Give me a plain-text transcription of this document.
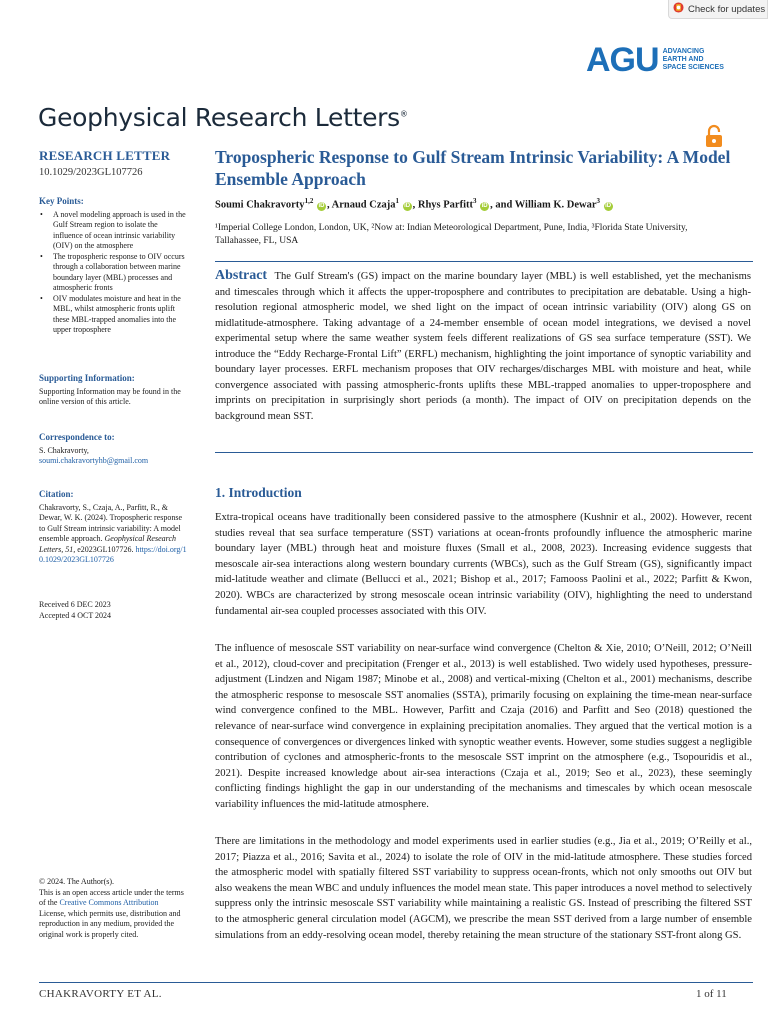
Check for updates
AGU ADVANCING
EARTH AND
SPACE SCIENCES
Geophysical Research Letters®
RESEARCH LETTER
10.1029/2023GL107726
Key Points:
• A novel modeling approach is used in the Gulf Stream region to isolate the influence of ocean intrinsic variability (OIV) on the atmosphere
• The tropospheric response to OIV occurs through a collaboration between marine boundary layer (MBL) processes and atmospheric fronts
• OIV modulates moisture and heat in the MBL, whilst atmospheric fronts uplift these MBL-trapped anomalies into the upper troposphere
Supporting Information:
Supporting Information may be found in the online version of this article.
Correspondence to:
S. Chakravorty,
soumi.chakravortyhb@gmail.com
Citation:
Chakravorty, S., Czaja, A., Parfitt, R., & Dewar, W. K. (2024). Tropospheric response to Gulf Stream intrinsic variability: A model ensemble approach. Geophysical Research Letters, 51, e2023GL107726. https://doi.org/10.1029/2023GL107726
Received 6 DEC 2023
Accepted 4 OCT 2024
© 2024. The Author(s).
This is an open access article under the terms of the Creative Commons Attribution License, which permits use, distribution and reproduction in any medium, provided the original work is properly cited.
Tropospheric Response to Gulf Stream Intrinsic Variability: A Model Ensemble Approach
Soumi Chakravorty$^{1,2}$ iD , Arnaud Czaja$^1$ iD , Rhys Parfitt$^3$ iD , and William K. Dewar$^3$ iD
¹Imperial College London, London, UK, ²Now at: Indian Meteorological Department, Pune, India, ³Florida State University, Tallahassee, FL, USA
Abstract The Gulf Stream's (GS) impact on the marine boundary layer (MBL) is well established, yet the mechanisms and timescales through which it affects the upper-troposphere and contributes to precipitation are debatable. Using a high-resolution regional atmospheric model, we shed light on the impact of ocean intrinsic variability (OIV) along GS on midlatitude-atmosphere. Taking advantage of a 24-member ensemble of ocean model integrations, we devised a novel experimental setup where the same weather system feels different realizations of GS sea surface temperature (SST). We introduce the “Eddy Recharge-Frontal Lift” (ERFL) mechanism, highlighting the joint importance of synoptic variability and boundary layer processes. ERFL mechanism proposes that OIV recharges/discharges MBL with moisture and heat, while convergence associated with passing atmospheric-fronts uplifts these MBL-trapped anomalies to upper-troposphere and imprints on precipitation in surprisingly short periods (a month). The impact of OIV on precipitation depends on the background mean SST.
1. Introduction
Extra-tropical oceans have traditionally been considered passive to the atmosphere (Kushnir et al., 2002). However, recent studies reveal that sea surface temperature (SST) variations at ocean-fronts profoundly influence the atmospheric marine boundary layer (MBL) through heat and moisture fluxes (Small et al., 2008, 2023). Increasing evidence suggests that mesoscale air-sea interactions along western boundary currents (WBCs), such as the Gulf Stream (GS), significantly impact mid-latitude weather and climate (Bellucci et al., 2021; Bishop et al., 2017; Famooss Paolini et al., 2022; Parfitt & Kwon, 2020). WBCs are characterized by strong mesoscale ocean intrinsic variability (OIV), highlighting the need to understand fundamental air-sea coupled processes associated with this OIV.
The influence of mesoscale SST variability on near-surface wind convergence (Chelton & Xie, 2010; O’Neill, 2012; O’Neill et al., 2012), cloud-cover and precipitation (Frenger et al., 2013) is well established. Two widely used hypotheses, pressure-adjustment (Lindzen and Nigam 1987; Minobe et al., 2008) and vertical-mixing (Chelton et al., 2001) mechanisms, describe the atmospheric response to mesoscale SST anomalies (SSTA), primarily focusing on explaining the time-mean near-surface wind convergence confined to the MBL. However, Parfitt and Czaja (2016) and Parfitt and Seo (2018) questioned the relevance of near-surface wind convergence in explaining precipitation anomalies. They argued that the vertical motion is a consequence of convergences or divergences linked with synoptic weather events. However, some studies suggest a negligible contribution of cyclones and atmospheric-fronts to the mesoscale SST imprint on the atmosphere (e.g., Tsopouridis et al., 2021). Despite increased knowledge about air-sea interactions (Czaja et al., 2019; Seo et al., 2023), these seemingly conflicting findings highlight the gap in our understanding of the mechanisms and timescales by which ocean mesoscale variability influences the mid-latitude atmosphere.
There are limitations in the methodology and model experiments used in earlier studies (e.g., Jia et al., 2019; O’Reilly et al., 2017; Piazza et al., 2016; Savita et al., 2024) to isolate the role of OIV in the mid-latitude atmosphere. These studies forced the atmospheric model with spatially filtered SST variability to suppress ocean-fronts, which not only smooths out OIV but also weakens the mean WBC and unduly influences the model mean state. This paper introduces a novel method to selectively suppress only the intrinsic mesoscale SST variability while maintaining a realistic GS. Instead of prescribing the filtered SST to the atmospheric general circulation model (AGCM), we prescribe the mean SST derived from a large number of ensemble simulations from an eddy-resolving ocean model, thereby retaining the mean structure of the stationary SST-front along GS.
CHAKRAVORTY ET AL.	1 of 11
